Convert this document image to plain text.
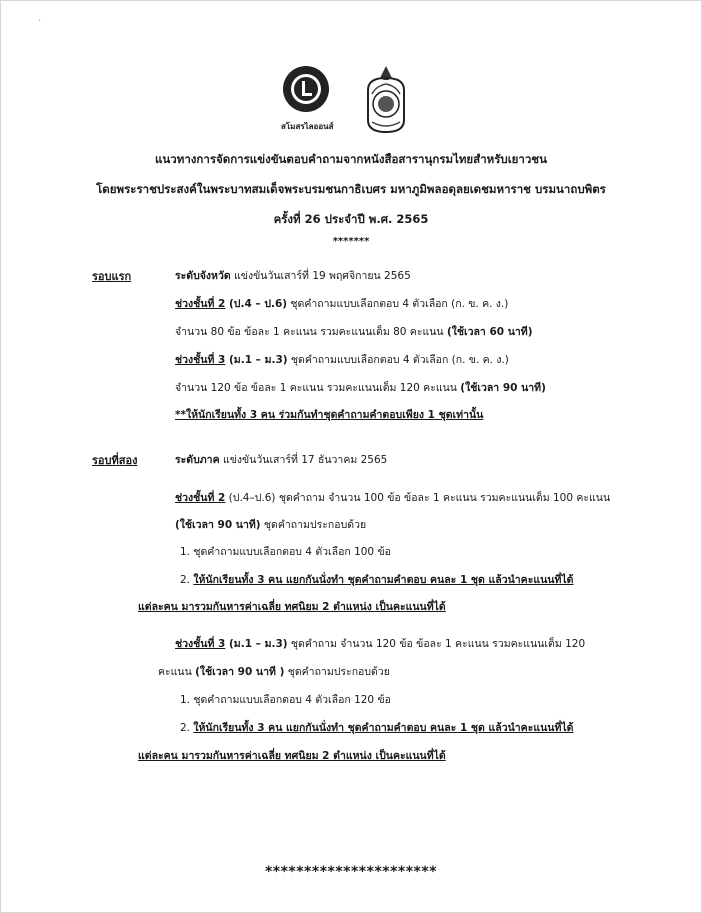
·
สโมสรไลออนส์
แนวทางการจัดการแข่งขันตอบคำถามจากหนังสือสารานุกรมไทยสำหรับเยาวชน
โดยพระราชประสงค์ในพระบาทสมเด็จพระบรมชนกาธิเบศร มหาภูมิพลอดุลยเดชมหาราช บรมนาถบพิตร
ครั้งที่ 26 ประจำปี พ.ศ. 2565
*******
รอบแรก	ระดับจังหวัด แข่งขันวันเสาร์ที่ 19 พฤศจิกายน 2565
ช่วงชั้นที่ 2 (ป.4 – ป.6) ชุดคำถามแบบเลือกตอบ 4 ตัวเลือก (ก. ข. ค. ง.)
จำนวน 80 ข้อ ข้อละ 1 คะแนน รวมคะแนนเต็ม 80 คะแนน (ใช้เวลา 60 นาที)
ช่วงชั้นที่ 3 (ม.1 – ม.3) ชุดคำถามแบบเลือกตอบ 4 ตัวเลือก (ก. ข. ค. ง.)
จำนวน 120 ข้อ ข้อละ 1 คะแนน รวมคะแนนเต็ม 120 คะแนน (ใช้เวลา 90 นาที)
**ให้นักเรียนทั้ง 3 คน ร่วมกันทำชุดคำถามคำตอบเพียง 1 ชุดเท่านั้น
รอบที่สอง	ระดับภาค แข่งขันวันเสาร์ที่ 17 ธันวาคม 2565
ช่วงชั้นที่ 2 (ป.4–ป.6) ชุดคำถาม จำนวน 100 ข้อ ข้อละ 1 คะแนน รวมคะแนนเต็ม 100 คะแนน
(ใช้เวลา 90 นาที) ชุดคำถามประกอบด้วย
1. ชุดคำถามแบบเลือกตอบ 4 ตัวเลือก 100 ข้อ
2. ให้นักเรียนทั้ง 3 คน แยกกันนั่งทำ ชุดคำถามคำตอบ คนละ 1 ชุด แล้วนำคะแนนที่ได้
แต่ละคน มารวมกันหารค่าเฉลี่ย ทศนิยม 2 ตำแหน่ง เป็นคะแนนที่ได้
ช่วงชั้นที่ 3 (ม.1 – ม.3) ชุดคำถาม จำนวน 120 ข้อ ข้อละ 1 คะแนน รวมคะแนนเต็ม 120
คะแนน (ใช้เวลา 90 นาที ) ชุดคำถามประกอบด้วย
1. ชุดคำถามแบบเลือกตอบ 4 ตัวเลือก 120 ข้อ
2. ให้นักเรียนทั้ง 3 คน แยกกันนั่งทำ ชุดคำถามคำตอบ คนละ 1 ชุด แล้วนำคะแนนที่ได้
แต่ละคน มารวมกันหารค่าเฉลี่ย ทศนิยม 2 ตำแหน่ง เป็นคะแนนที่ได้
**********************
